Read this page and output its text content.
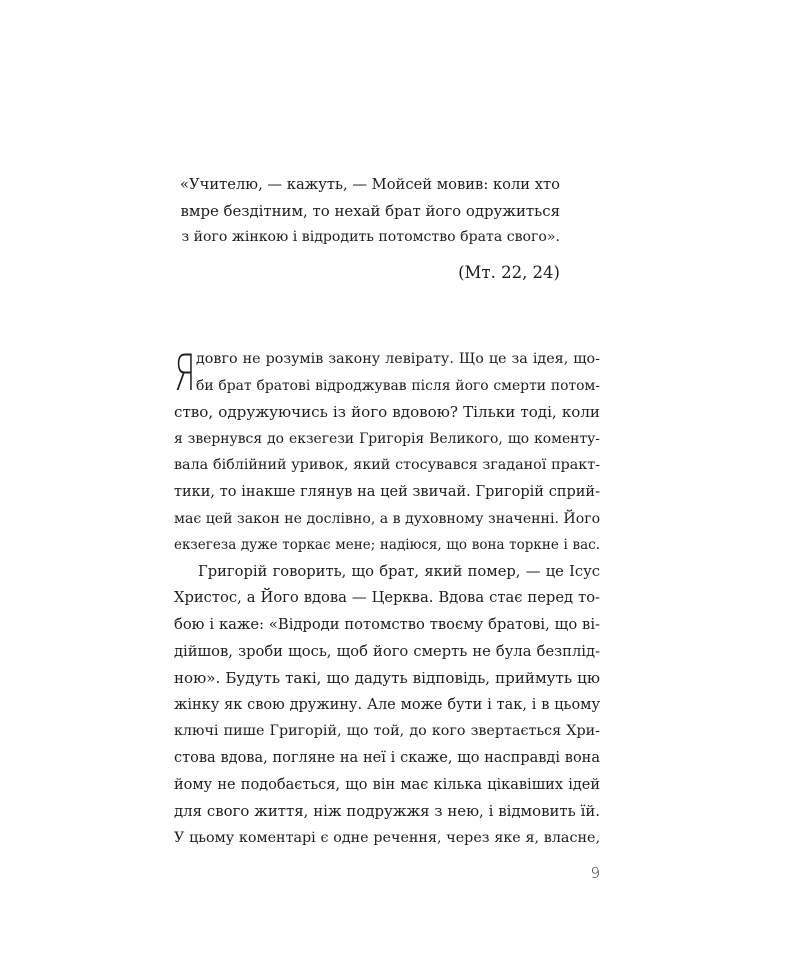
«Учителю, — кажуть, — Мойсей мовив: коли хто
вмре бездітним, то нехай брат його одружиться
з його жінкою і відродить потомство брата свого».
(Мт. 22, 24)
Я довго не розумів закону левірату. Що це за ідея, що-
би брат братові відроджував після його смерти потом-
ство, одружуючись із його вдовою? Тільки тоді, коли
я звернувся до екзегези Григорія Великого, що коменту-
вала біблійний уривок, який стосувався згаданої практ-
тики, то інакше глянув на цей звичай. Григорій сприй-
має цей закон не дослівно, а в духовному значенні. Його
екзегеза дуже торкає мене; надіюся, що вона торкне і вас.
Григорій говорить, що брат, який помер, — це Ісус
Христос, а Його вдова — Церква. Вдова стає перед то-
бою і каже: «Відроди потомство твоєму братові, що ві-
дійшов, зроби щось, щоб його смерть не була безплід-
ною». Будуть такі, що дадуть відповідь, приймуть цю
жінку як свою дружину. Але може бути і так, і в цьому
ключі пише Григорій, що той, до кого звертається Хри-
стова вдова, погляне на неї і скаже, що насправді вона
йому не подобається, що він має кілька цікавіших ідей
для свого життя, ніж подружжя з нею, і відмовить їй.
У цьому коментарі є одне речення, через яке я, власне,
9
